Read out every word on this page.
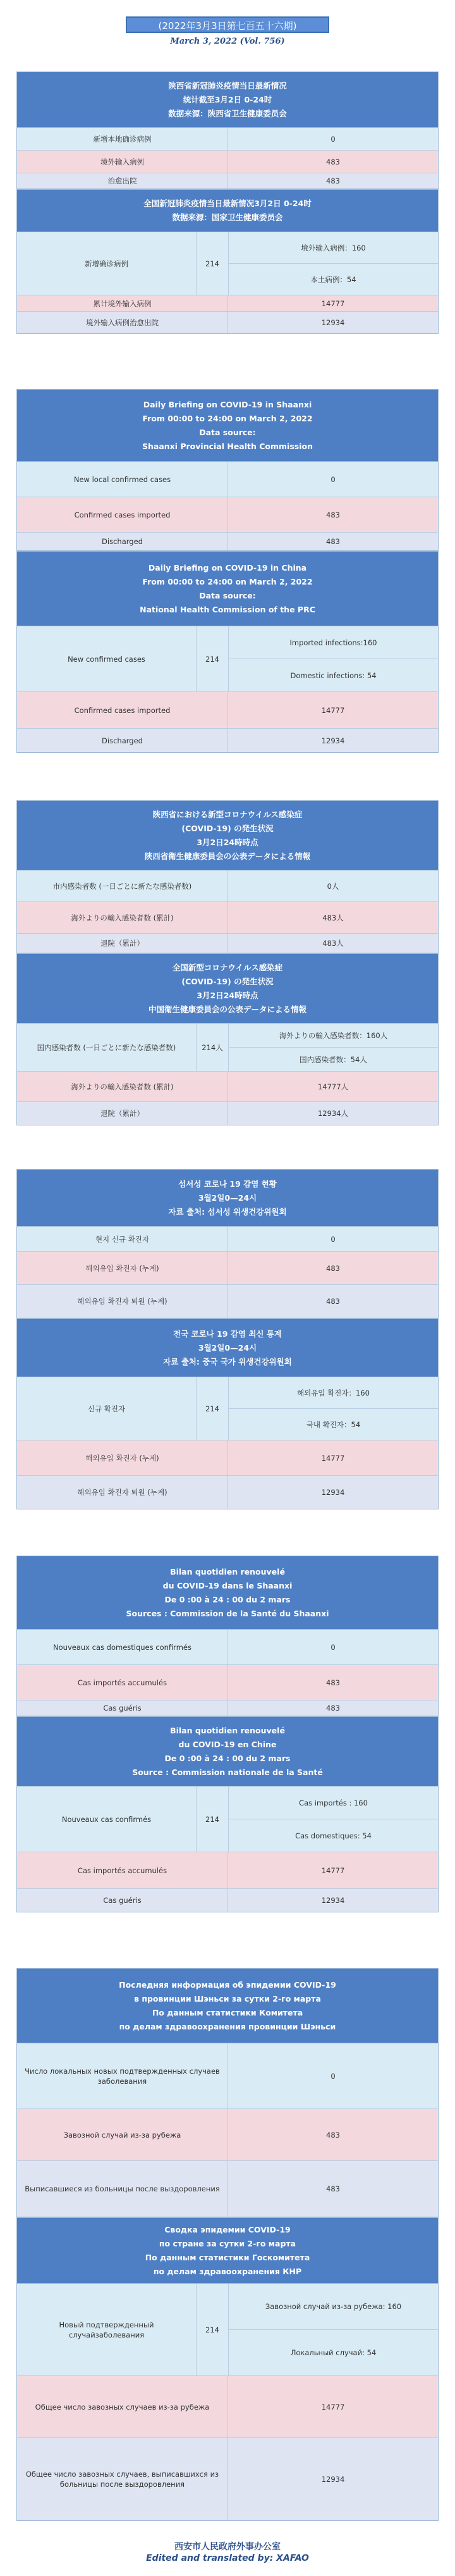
(2022年3月3日第七百五十六期)
March 3, 2022 (Vol. 756)
陕西省新冠肺炎疫情当日最新情况
统计截至3月2日 0-24时
数据来源：陕西省卫生健康委员会
新增本地确诊病例	0
境外输入病例	483
治愈出院	483
全国新冠肺炎疫情当日最新情况3月2日 0-24时
数据来源：国家卫生健康委员会
新增确诊病例	214
境外输入病例：160
本土病例：54
累计境外输入病例	14777
境外输入病例治愈出院	12934
Daily Briefing on COVID-19 in Shaanxi
From 00:00 to 24:00 on March 2, 2022
Data source:
Shaanxi Provincial Health Commission
New local confirmed cases	0
Confirmed cases imported	483
Discharged	483
Daily Briefing on COVID-19 in China
From 00:00 to 24:00 on March 2, 2022
Data source:
National Health Commission of the PRC
New confirmed cases	214
Imported infections:160
Domestic infections: 54
Confirmed cases imported	14777
Discharged	12934
陝西省における新型コロナウイルス感染症
(COVID-19) の発生状況
3月2日24時時点
陝西省衛生健康委員会の公表データによる情報
市内感染者数 (一日ごとに新たな感染者数)	0人
海外よりの輸入感染者数 (累計)	483人
退院（累計）	483人
全国新型コロナウイルス感染症
(COVID-19) の発生状況
3月2日24時時点
中国衛生健康委員会の公表データによる情報
国内感染者数 (一日ごとに新たな感染者数)	214人
海外よりの輸入感染者数：160人
国内感染者数：54人
海外よりの輸入感染者数 (累計)	14777人
退院（累計）	12934人
섬서성 코로나 19 감염 현황
3월2일0—24시
자료 출처: 섬서성 위생건강위원회
현지 신규 확진자	0
해외유입 확진자 (누계)	483
해외유입 확진자 퇴원 (누계)	483
전국 코로나 19 감염 최신 통계
3월2일0—24시
자료 출처: 중국 국가 위생건강위원회
신규 확진자	214
해외유입 확진자：160
국내 확진자：54
해외유입 확진자 (누계)	14777
해외유입 확진자 퇴원 (누계)	12934
Bilan quotidien renouvelé
du COVID-19 dans le Shaanxi
De 0 :00 à 24 : 00 du 2 mars
Sources : Commission de la Santé du Shaanxi
Nouveaux cas domestiques confirmés	0
Cas importés accumulés	483
Cas guéris	483
Bilan quotidien renouvelé
du COVID-19 en Chine
De 0 :00 à 24 : 00 du 2 mars
Source : Commission nationale de la Santé
Nouveaux cas confirmés	214
Cas importés : 160
Cas domestiques: 54
Cas importés accumulés	14777
Cas guéris	12934
Последняя информация об эпидемии COVID-19
в провинции Шэньси за сутки 2-го марта
По данным статистики Комитета
по делам здравоохранения провинции Шэньси
Число локальных новых подтвержденных случаев заболевания
0
Завозной случай из-за рубежа	483
Выписавшиеся из больницы после выздоровления	483
Сводка эпидемии COVID-19
по стране за сутки 2-го марта
По данным статистики Госкомитета
по делам здравоохранения КНР
Новый подтвержденный случайзаболевания
214
Завозной случай из-за рубежа: 160
Локальный случай: 54
Общее число завозных случаев из-за рубежа	14777
Общее число завозных случаев, выписавшихся из больницы после выздоровления
12934
西安市人民政府外事办公室
Edited and translated by: XAFAO
